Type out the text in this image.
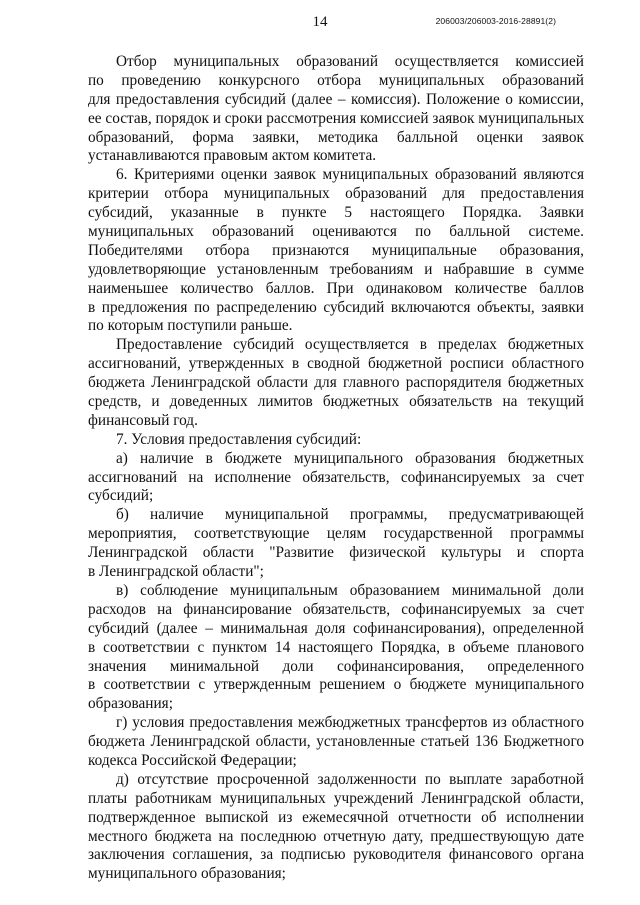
14	206003/206003-2016-28891(2)
Отбор муниципальных образований осуществляется комиссией
по проведению конкурсного отбора муниципальных образований
для предоставления субсидий (далее – комиссия). Положение о комиссии,
ее состав, порядок и сроки рассмотрения комиссией заявок муниципальных
образований, форма заявки, методика балльной оценки заявок
устанавливаются правовым актом комитета.
6. Критериями оценки заявок муниципальных образований являются
критерии отбора муниципальных образований для предоставления
субсидий, указанные в пункте 5 настоящего Порядка. Заявки
муниципальных образований оцениваются по балльной системе.
Победителями отбора признаются муниципальные образования,
удовлетворяющие установленным требованиям и набравшие в сумме
наименьшее количество баллов. При одинаковом количестве баллов
в предложения по распределению субсидий включаются объекты, заявки
по которым поступили раньше.
Предоставление субсидий осуществляется в пределах бюджетных
ассигнований, утвержденных в сводной бюджетной росписи областного
бюджета Ленинградской области для главного распорядителя бюджетных
средств, и доведенных лимитов бюджетных обязательств на текущий
финансовый год.
7. Условия предоставления субсидий:
а) наличие в бюджете муниципального образования бюджетных
ассигнований на исполнение обязательств, софинансируемых за счет
субсидий;
б) наличие муниципальной программы, предусматривающей
мероприятия, соответствующие целям государственной программы
Ленинградской области "Развитие физической культуры и спорта
в Ленинградской области";
в) соблюдение муниципальным образованием минимальной доли
расходов на финансирование обязательств, софинансируемых за счет
субсидий (далее – минимальная доля софинансирования), определенной
в соответствии с пунктом 14 настоящего Порядка, в объеме планового
значения минимальной доли софинансирования, определенного
в соответствии с утвержденным решением о бюджете муниципального
образования;
г) условия предоставления межбюджетных трансфертов из областного
бюджета Ленинградской области, установленные статьей 136 Бюджетного
кодекса Российской Федерации;
д) отсутствие просроченной задолженности по выплате заработной
платы работникам муниципальных учреждений Ленинградской области,
подтвержденное выпиской из ежемесячной отчетности об исполнении
местного бюджета на последнюю отчетную дату, предшествующую дате
заключения соглашения, за подписью руководителя финансового органа
муниципального образования;
